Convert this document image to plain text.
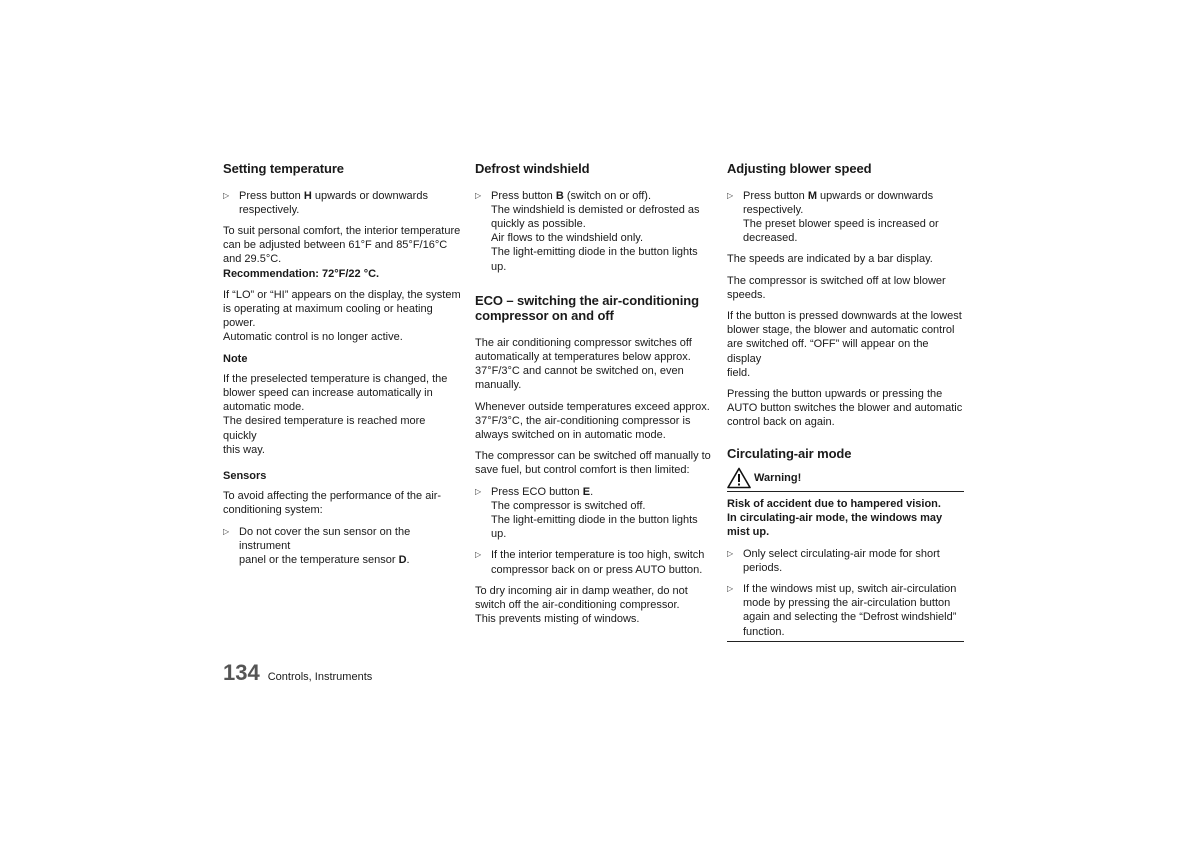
Setting temperature
▷ Press button H upwards or downwards
respectively.

To suit personal comfort, the interior temperature
can be adjusted between 61°F and 85°F/16°C
and 29.5°C.
Recommendation: 72°F/22 °C.

If “LO” or “HI” appears on the display, the system
is operating at maximum cooling or heating
power.
Automatic control is no longer active.

Note

If the preselected temperature is changed, the
blower speed can increase automatically in
automatic mode.
The desired temperature is reached more quickly
this way.

Sensors

To avoid affecting the performance of the air-
conditioning system:

▷ Do not cover the sun sensor on the instrument
panel or the temperature sensor D.
Defrost windshield
▷ Press button B (switch on or off).
The windshield is demisted or defrosted as
quickly as possible.
Air flows to the windshield only.
The light-emitting diode in the button lights up.
ECO – switching the air-conditioning
compressor on and off

The air conditioning compressor switches off
automatically at temperatures below approx.
37°F/3°C and cannot be switched on, even
manually.

Whenever outside temperatures exceed approx.
37°F/3°C, the air-conditioning compressor is
always switched on in automatic mode.

The compressor can be switched off manually to
save fuel, but control comfort is then limited:

▷ Press ECO button E.
The compressor is switched off.
The light-emitting diode in the button lights up.
▷ If the interior temperature is too high, switch
compressor back on or press AUTO button.

To dry incoming air in damp weather, do not
switch off the air-conditioning compressor.
This prevents misting of windows.

Adjusting blower speed
▷ Press button M upwards or downwards
respectively.
The preset blower speed is increased or
decreased.

The speeds are indicated by a bar display.

The compressor is switched off at low blower
speeds.

If the button is pressed downwards at the lowest
blower stage, the blower and automatic control
are switched off. “OFF” will appear on the display
field.

Pressing the button upwards or pressing the
AUTO button switches the blower and automatic
control back on again.

Circulating-air mode
Warning!

Risk of accident due to hampered vision.
In circulating-air mode, the windows may
mist up.

▷ Only select circulating-air mode for short
periods.
▷ If the windows mist up, switch air-circulation
mode by pressing the air-circulation button
again and selecting the “Defrost windshield”
function.
134 Controls, Instruments
